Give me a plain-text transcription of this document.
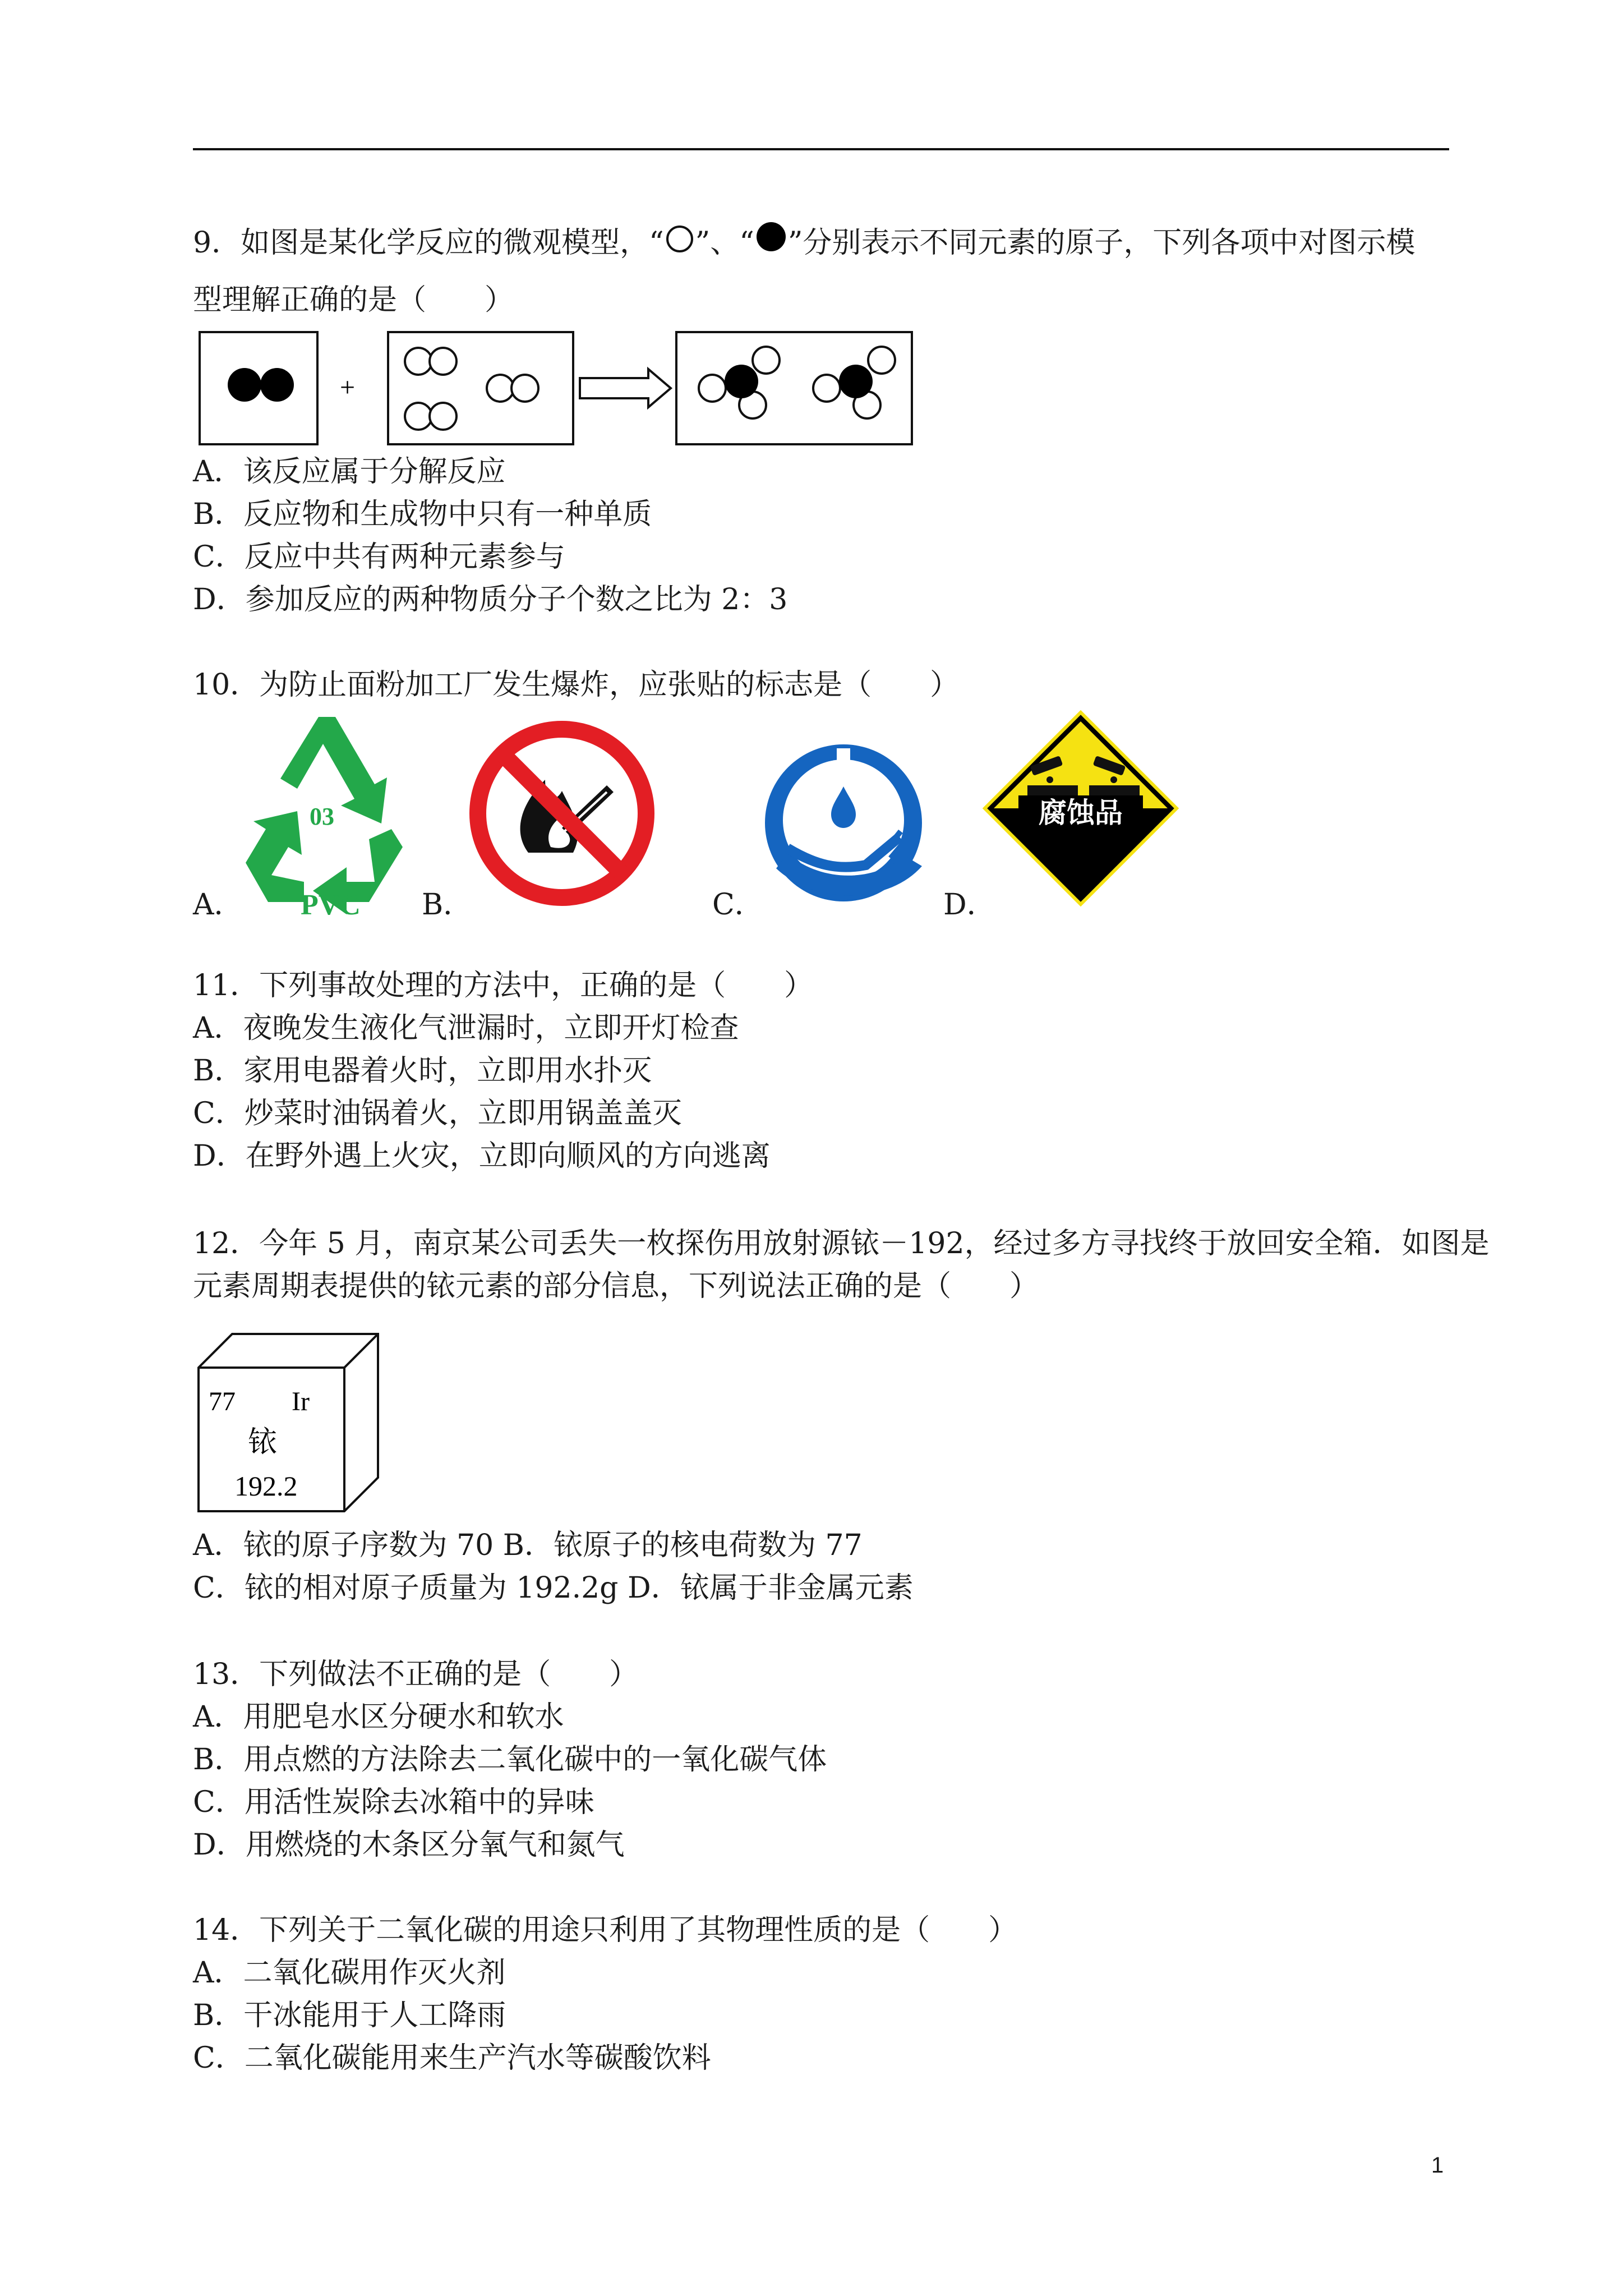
9．如图是某化学反应的微观模型，“ ”、“ ”分别表示不同元素的原子，下列各项中对图示模
型理解正确的是（　　）
+
A．该反应属于分解反应
B．反应物和生成物中只有一种单质
C．反应中共有两种元素参与
D．参加反应的两种物质分子个数之比为 2：3
10．为防止面粉加工厂发生爆炸，应张贴的标志是（　　）
03
PVC
腐蚀品
A．	B．	C．	D．
11．下列事故处理的方法中，正确的是（　　）
A．夜晚发生液化气泄漏时，立即开灯检查
B．家用电器着火时，立即用水扑灭
C．炒菜时油锅着火，立即用锅盖盖灭
D．在野外遇上火灾，立即向顺风的方向逃离
12．今年 5 月，南京某公司丢失一枚探伤用放射源铱－192，经过多方寻找终于放回安全箱．如图是
元素周期表提供的铱元素的部分信息，下列说法正确的是（　　）
77 Ir
铱
192.2
A．铱的原子序数为 70 B．铱原子的核电荷数为 77
C．铱的相对原子质量为 192.2g D．铱属于非金属元素
13．下列做法不正确的是（　　）
A．用肥皂水区分硬水和软水
B．用点燃的方法除去二氧化碳中的一氧化碳气体
C．用活性炭除去冰箱中的异味
D．用燃烧的木条区分氧气和氮气
14．下列关于二氧化碳的用途只利用了其物理性质的是（　　）
A．二氧化碳用作灭火剂
B．干冰能用于人工降雨
C．二氧化碳能用来生产汽水等碳酸饮料
1
